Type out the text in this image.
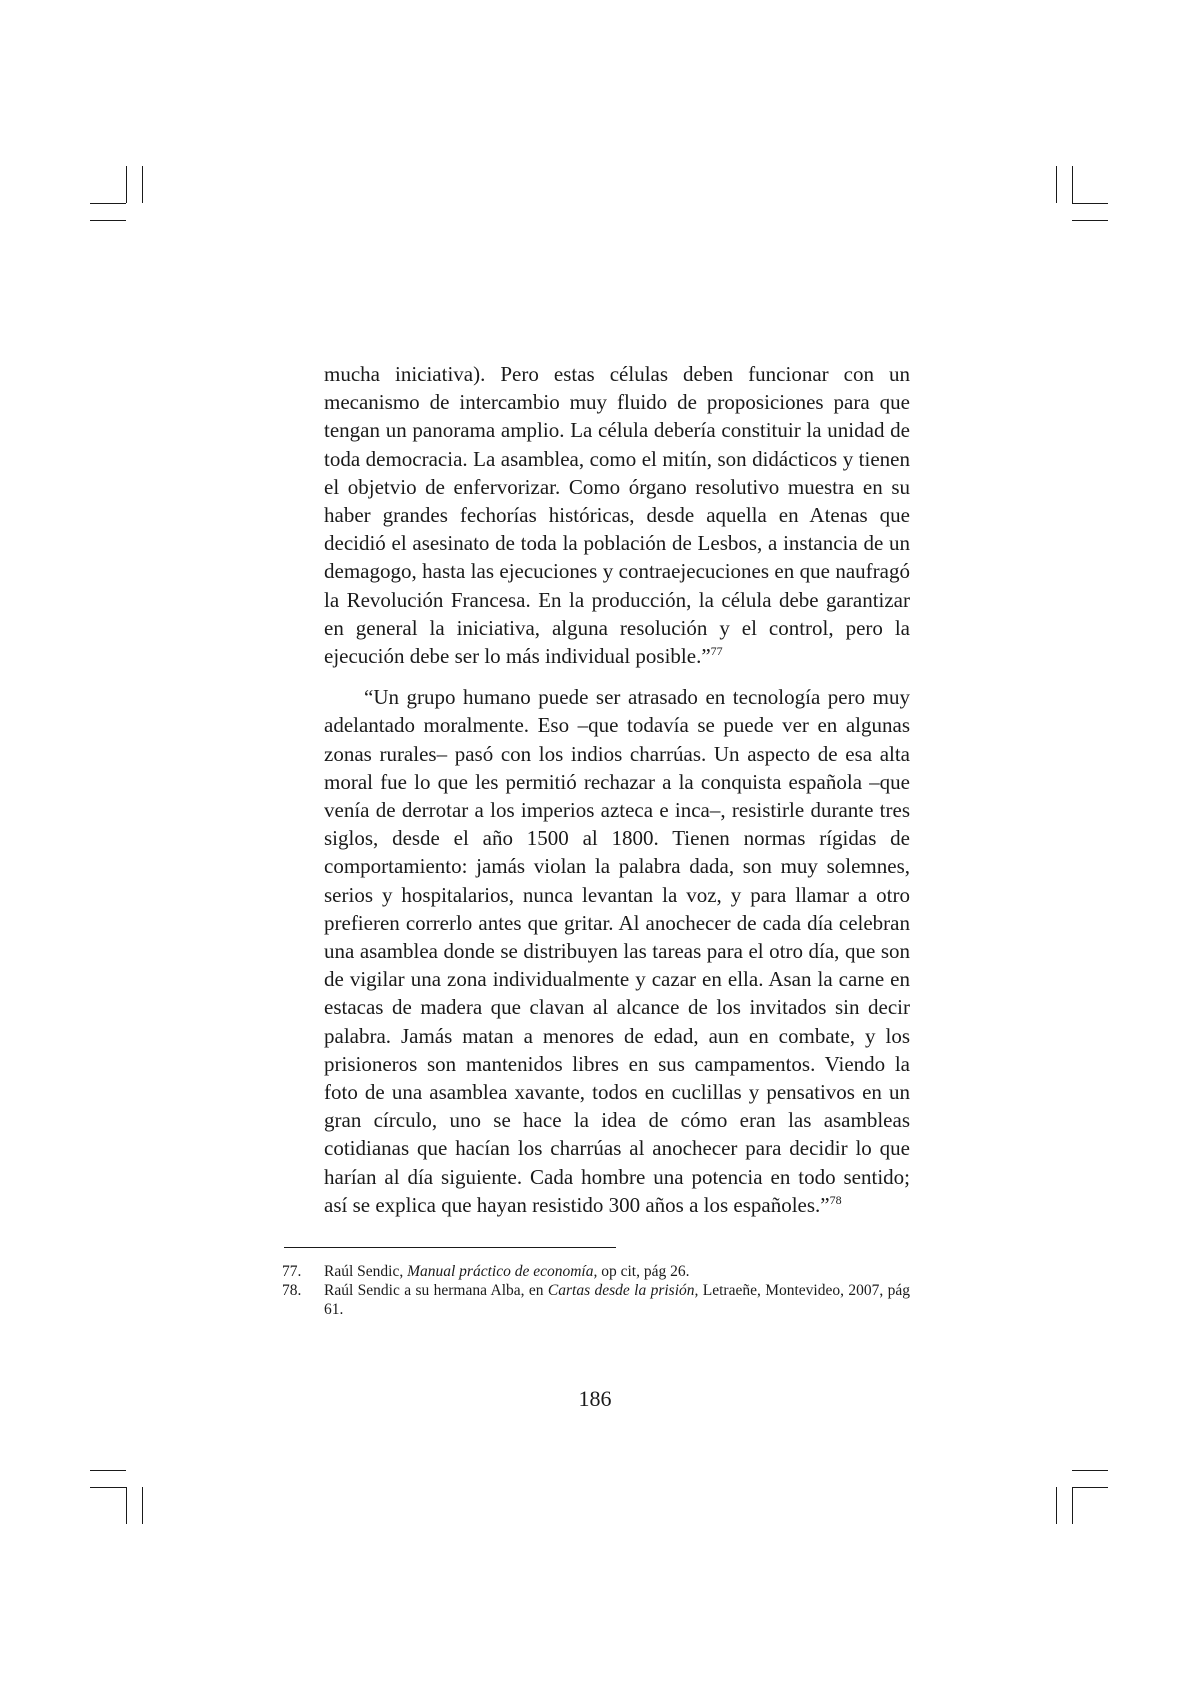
mucha iniciativa). Pero estas células deben funcionar con un mecanismo de intercambio muy fluido de proposiciones para que tengan un panorama amplio. La célula debería constituir la unidad de toda democracia. La asamblea, como el mitín, son didácticos y tienen el objetvio de enfervorizar. Como órgano resolutivo muestra en su haber grandes fechorías históricas, desde aquella en Atenas que decidió el asesinato de toda la población de Lesbos, a instancia de un demagogo, hasta las ejecuciones y contraejecuciones en que naufragó la Revolución Francesa. En la producción, la célula debe garantizar en general la iniciativa, alguna resolución y el control, pero la ejecución debe ser lo más individual posible.”$^{77}$

“Un grupo humano puede ser atrasado en tecnología pero muy adelantado moralmente. Eso –que todavía se puede ver en algunas zonas rurales– pasó con los indios charrúas. Un aspecto de esa alta moral fue lo que les permitió rechazar a la conquista española –que venía de derrotar a los imperios azteca e inca–, resistirle durante tres siglos, desde el año 1500 al 1800. Tienen normas rígidas de comportamiento: jamás violan la palabra dada, son muy solemnes, serios y hospitalarios, nunca levantan la voz, y para llamar a otro prefieren correrlo antes que gritar. Al anochecer de cada día celebran una asamblea donde se distribuyen las tareas para el otro día, que son de vigilar una zona individualmente y cazar en ella. Asan la carne en estacas de madera que clavan al alcance de los invitados sin decir palabra. Jamás matan a menores de edad, aun en combate, y los prisioneros son mantenidos libres en sus campamentos. Viendo la foto de una asamblea xavante, todos en cuclillas y pensativos en un gran círculo, uno se hace la idea de cómo eran las asambleas cotidianas que hacían los charrúas al anochecer para decidir lo que harían al día siguiente. Cada hombre una potencia en todo sentido; así se explica que hayan resistido 300 años a los españoles.”$^{78}$

77.	Raúl Sendic, Manual práctico de economía, op cit, pág 26.
78.	Raúl Sendic a su hermana Alba, en Cartas desde la prisión, Letraeñe, Montevideo, 2007, pág 61.
186
